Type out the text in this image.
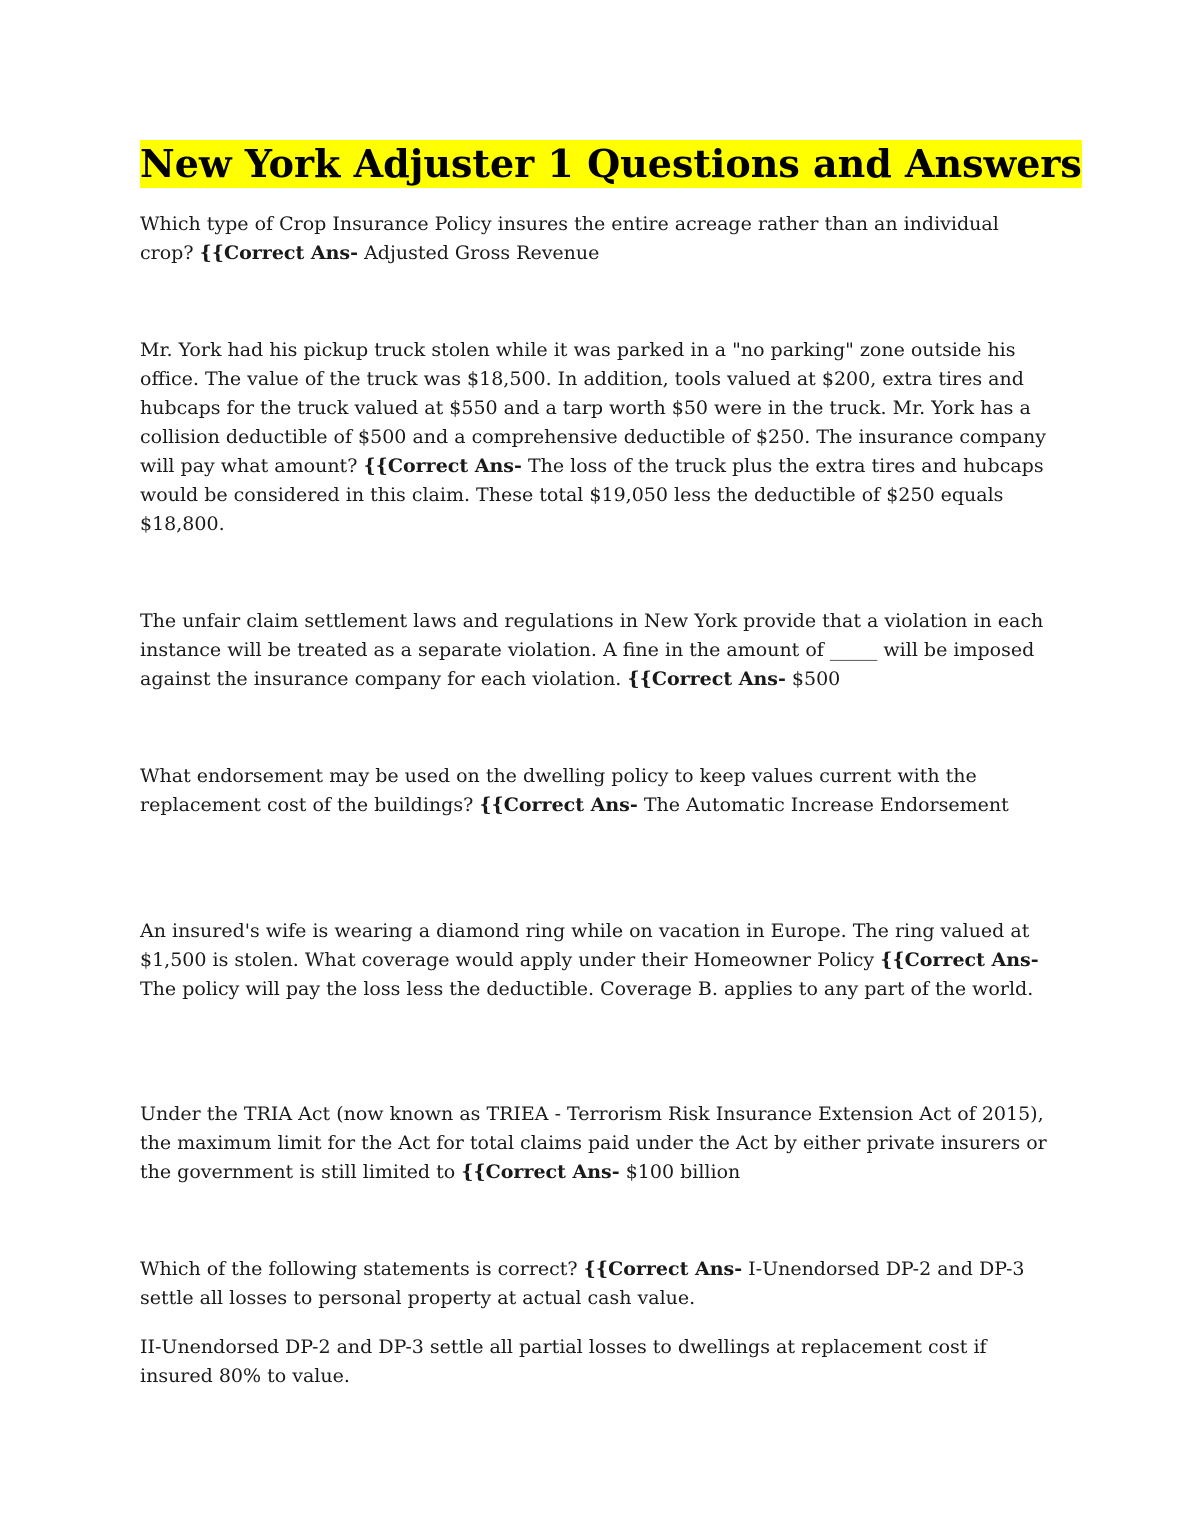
New York Adjuster 1 Questions and Answers

Which type of Crop Insurance Policy insures the entire acreage rather than an individual crop? {{Correct Ans- Adjusted Gross Revenue

Mr. York had his pickup truck stolen while it was parked in a "no parking" zone outside his office. The value of the truck was $18,500. In addition, tools valued at $200, extra tires and hubcaps for the truck valued at $550 and a tarp worth $50 were in the truck. Mr. York has a collision deductible of $500 and a comprehensive deductible of $250. The insurance company will pay what amount? {{Correct Ans- The loss of the truck plus the extra tires and hubcaps would be considered in this claim. These total $19,050 less the deductible of $250 equals $18,800.

The unfair claim settlement laws and regulations in New York provide that a violation in each instance will be treated as a separate violation. A fine in the amount of _____ will be imposed against the insurance company for each violation. {{Correct Ans- $500

What endorsement may be used on the dwelling policy to keep values current with the replacement cost of the buildings? {{Correct Ans- The Automatic Increase Endorsement

An insured's wife is wearing a diamond ring while on vacation in Europe. The ring valued at $1,500 is stolen. What coverage would apply under their Homeowner Policy {{Correct Ans- The policy will pay the loss less the deductible. Coverage B. applies to any part of the world.

Under the TRIA Act (now known as TRIEA - Terrorism Risk Insurance Extension Act of 2015), the maximum limit for the Act for total claims paid under the Act by either private insurers or the government is still limited to {{Correct Ans- $100 billion

Which of the following statements is correct? {{Correct Ans- I-Unendorsed DP-2 and DP-3 settle all losses to personal property at actual cash value.

II-Unendorsed DP-2 and DP-3 settle all partial losses to dwellings at replacement cost if insured 80% to value.
